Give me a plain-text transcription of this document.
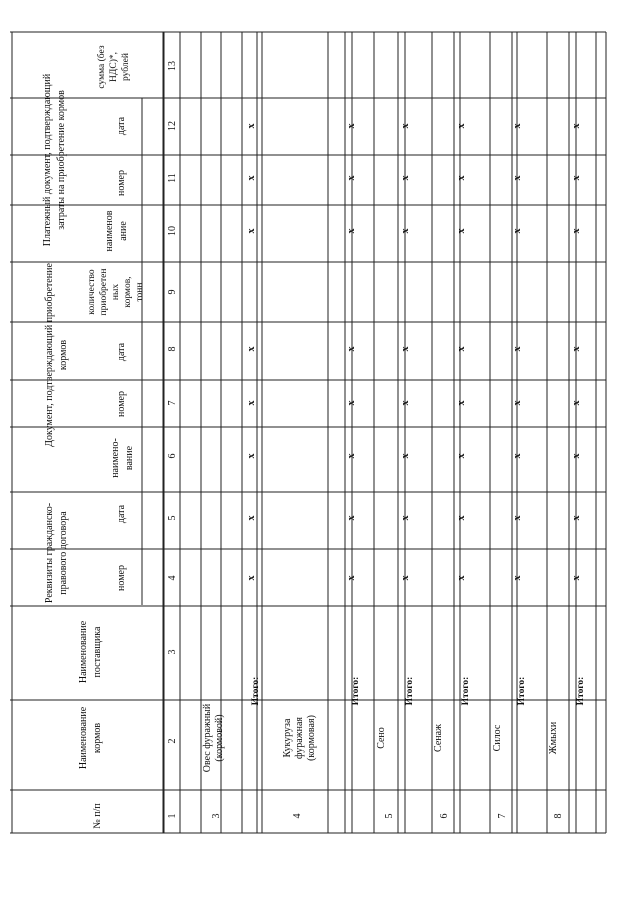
№ п/п
Наименование кормов
Наименование поставщика
Реквизиты гражданско- правового договора
Документ, подтверждающий приобретение кормов
Платежный документ, подтверждающий затраты на приобретение кормов
номер
дата
наимено- вание
номер
дата
количество приобретен ных кормов, тонн
наименов ание
номер
дата
сумма (без НДС)*, рублей
1
2
3
4
5
6
7
8
9
10
11
12
13
3
Овес фуражный (кормовой)
Итого:
x
x
x
x
x
x
x
x
4
Кукуруза фуражная (кормовая)
Итого:
x
x
x
x
x
x
x
x
5
Сено
Итого:
x
x
x
x
x
x
x
x
6
Сенаж
Итого:
x
x
x
x
x
x
x
x
7
Силос
Итого:
x
x
x
x
x
x
x
x
8
Жмыхи
Итого:
x
x
x
x
x
x
x
x
